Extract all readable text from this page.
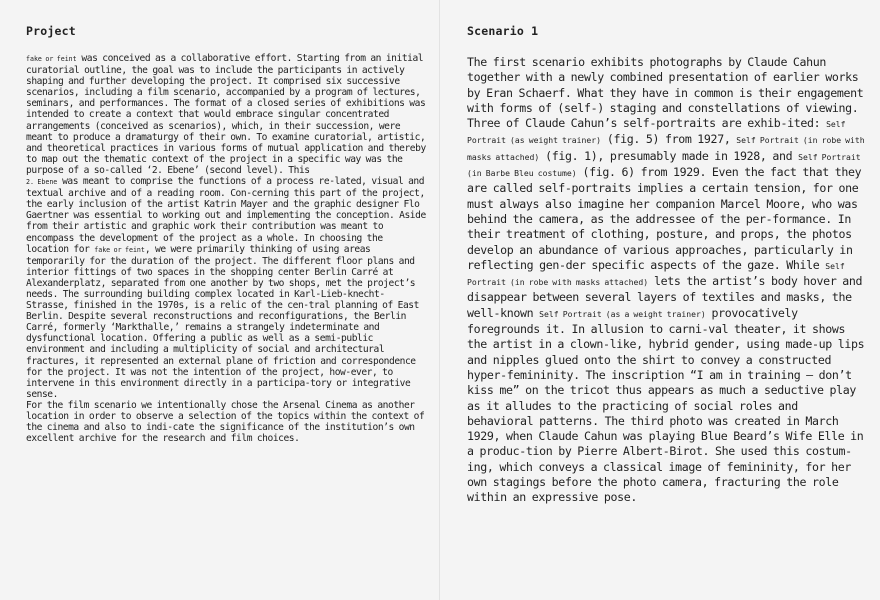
Project

fake or feint was conceived as a collaborative effort. Starting from an initial curatorial outline, the goal was to include the participants in actively shaping and further developing the project. It comprised six successive scenarios, including a film scenario, accompanied by a program of lectures, seminars, and performances. The format of a closed series of exhibitions was intended to create a context that would embrace singular concentrated arrangements (conceived as scenarios), which, in their succession, were meant to produce a dramaturgy of their own. To examine curatorial, artistic, and theoretical practices in various forms of mutual application and thereby to map out the thematic context of the project in a specific way was the purpose of a so-called ‘2. Ebene’ (second level). This

2. Ebene was meant to comprise the functions of a process re-lated, visual and textual archive and of a reading room. Con-cerning this part of the project, the early inclusion of the artist Katrin Mayer and the graphic designer Flo Gaertner was essential to working out and implementing the conception. Aside from their artistic and graphic work their contribution was meant to encompass the development of the project as a whole. In choosing the location for fake or feint, we were primarily thinking of using areas temporarily for the duration of the project. The different floor plans and interior fittings of two spaces in the shopping center Berlin Carré at Alexanderplatz, separated from one another by two shops, met the project’s needs. The surrounding building complex located in Karl-Lieb-knecht-Strasse, finished in the 1970s, is a relic of the cen-tral planning of East Berlin. Despite several reconstructions and reconfigurations, the Berlin Carré, formerly ‘Markthalle,’ remains a strangely indeterminate and dysfunctional location. Offering a public as well as a semi-public environment and including a multiplicity of social and architectural fractures, it represented an external plane of friction and correspondence for the project. It was not the intention of the project, how-ever, to intervene in this environment directly in a participa-tory or integrative sense.

For the film scenario we intentionally chose the Arsenal Cinema as another location in order to observe a selection of the topics within the context of the cinema and also to indi-cate the significance of the institution’s own excellent archive for the research and film choices.

Scenario 1

The first scenario exhibits photographs by Claude Cahun together with a newly combined presentation of earlier works by Eran Schaerf. What they have in common is their engagement with forms of (self-) staging and constellations of viewing.

Three of Claude Cahun’s self-portraits are exhib-ited: Self Portrait (as weight trainer) (fig. 5) from 1927, Self Portrait (in robe with masks attached) (fig. 1), presumably made in 1928, and Self Portrait (in Barbe Bleu costume) (fig. 6) from 1929. Even the fact that they are called self-portraits implies a certain tension, for one must always also imagine her companion Marcel Moore, who was behind the camera, as the addressee of the per-formance. In their treatment of clothing, posture, and props, the photos develop an abundance of various approaches, particularly in reflecting gen-der specific aspects of the gaze. While Self Portrait (in robe with masks attached) lets the artist’s body hover and disappear between several layers of textiles and masks, the well-known Self Portrait (as a weight trainer) provocatively foregrounds it. In allusion to carni-val theater, it shows the artist in a clown-like, hybrid gender, using made-up lips and nipples glued onto the shirt to convey a constructed hyper-femininity. The inscription “I am in training — don’t kiss me” on the tricot thus appears as much a seductive play as it alludes to the practicing of social roles and behavioral patterns. The third photo was created in March 1929, when Claude Cahun was playing Blue Beard’s Wife Elle in a produc-tion by Pierre Albert-Birot. She used this costum-ing, which conveys a classical image of femininity, for her own stagings before the photo camera, fracturing the role within an expressive pose.
